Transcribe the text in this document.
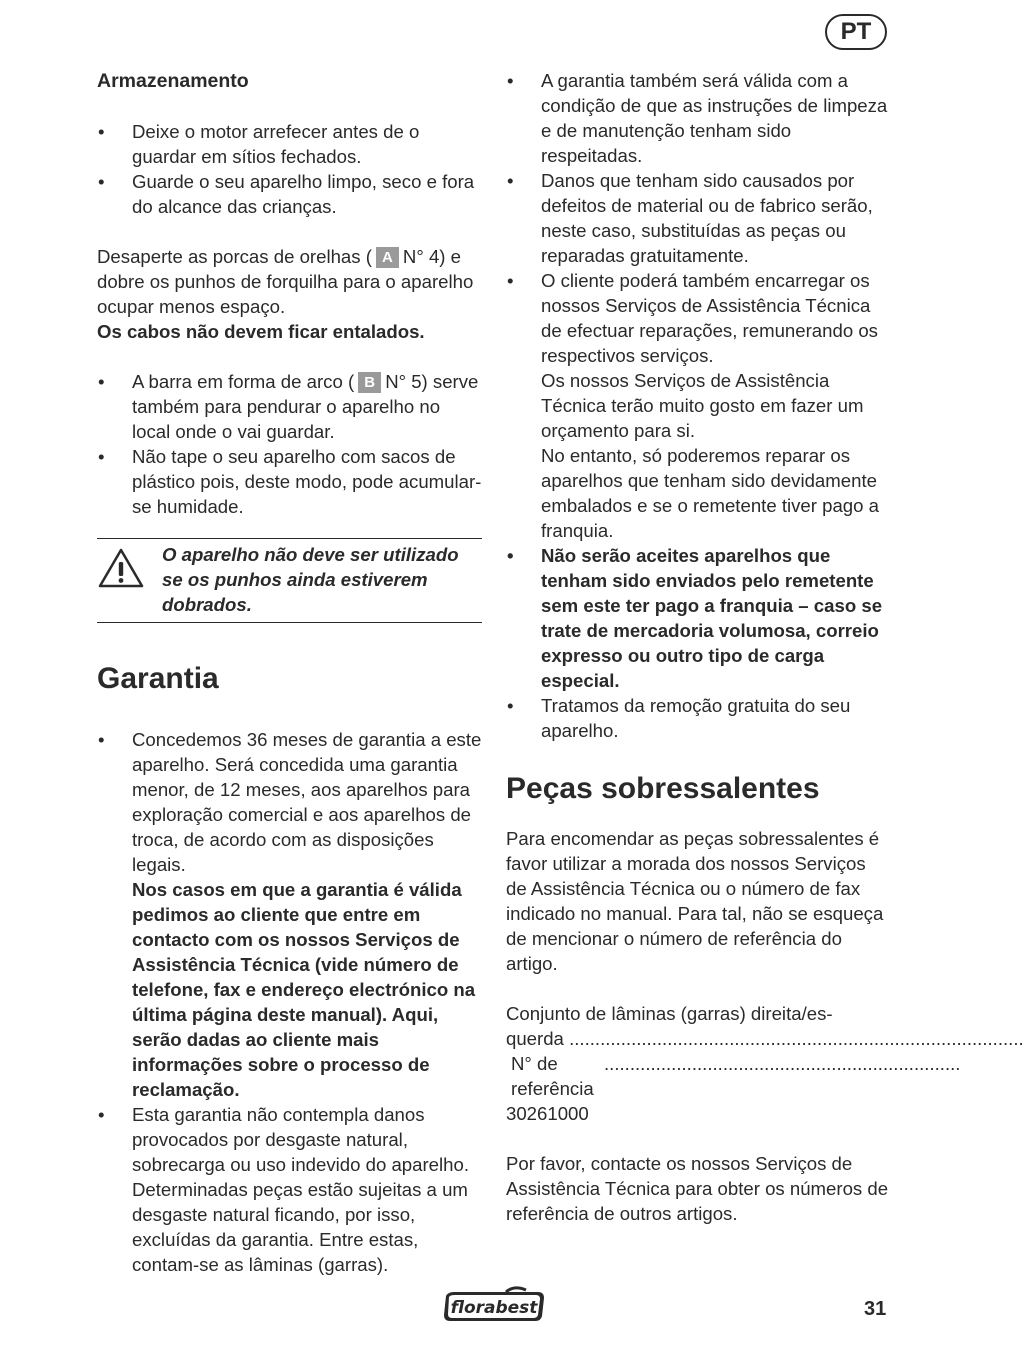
PT
Armazenamento
• Deixe o motor arrefecer antes de o guardar em sítios fechados.
• Guarde o seu aparelho limpo, seco e fora do alcance das crianças.

Desaperte as porcas de orelhas ( A N° 4) e dobre os punhos de forquilha para o aparelho ocupar menos espaço.

Os cabos não devem ficar entalados.

• A barra em forma de arco ( B N° 5) serve também para pendurar o aparelho no local onde o vai guardar.
• Não tape o seu aparelho com sacos de plástico pois, deste modo, pode acumular-se humidade.
O aparelho não deve ser utilizado se os punhos ainda estiverem dobrados.
Garantia
• Concedemos 36 meses de garantia a este aparelho. Será concedida uma garantia menor, de 12 meses, aos aparelhos para exploração comercial e aos aparelhos de troca, de acordo com as disposições legais.
Nos casos em que a garantia é válida pedimos ao cliente que entre em contacto com os nossos Serviços de Assistência Técnica (vide número de telefone, fax e endereço electrónico na última página deste manual). Aqui, serão dadas ao cliente mais informações sobre o processo de reclamação.
• Esta garantia não contempla danos provocados por desgaste natural, sobrecarga ou uso indevido do aparelho. Determinadas peças estão sujeitas a um desgaste natural ficando, por isso, excluídas da garantia. Entre estas, contam-se as lâminas (garras).
• A garantia também será válida com a condição de que as instruções de limpeza e de manutenção tenham sido respeitadas.
• Danos que tenham sido causados por defeitos de material ou de fabrico serão, neste caso, substituídas as peças ou reparadas gratuitamente.
• O cliente poderá também encarregar os nossos Serviços de Assistência Técnica de efectuar reparações, remunerando os respectivos serviços.
Os nossos Serviços de Assistência Técnica terão muito gosto em fazer um orçamento para si.
No entanto, só poderemos reparar os aparelhos que tenham sido devidamente embalados e se o remetente tiver pago a franquia.
• Não serão aceites aparelhos que tenham sido enviados pelo remetente sem este ter pago a franquia – caso se trate de mercadoria volumosa, correio expresso ou outro tipo de carga especial.
• Tratamos da remoção gratuita do seu aparelho.
Peças sobressalentes

Para encomendar as peças sobressalentes é favor utilizar a morada dos nossos Serviços de Assistência Técnica ou o número de fax indicado no manual. Para tal, não se esqueça de mencionar o número de referência do artigo.

Conjunto de lâminas (garras) direita/es-

querda ........................................................................................
N° de referência
.....................................................................

30261000

Por favor, contacte os nossos Serviços de Assistência Técnica para obter os números de referência de outros artigos.

florabest	31
